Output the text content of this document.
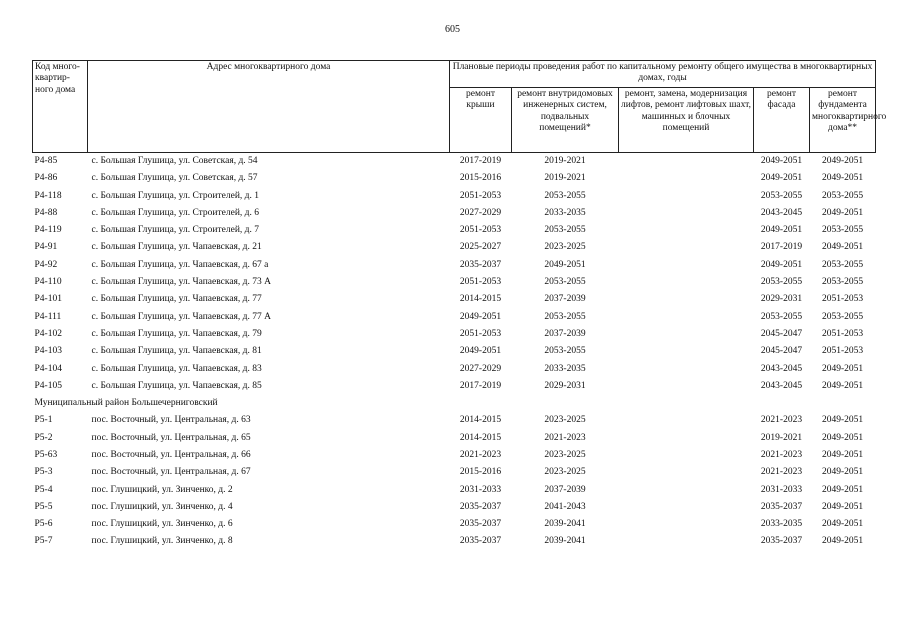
605
Код много-квартир-ного дома	Адрес многоквартирного дома	Плановые периоды проведения работ по капитальному ремонту общего имущества в многоквартирных домах, годы				
		ремонт крыши	ремонт внутридомовых инженерных систем, подвальных помещений*	ремонт, замена, модернизация лифтов, ремонт лифтовых шахт, машинных и блочных помещений	ремонт фасада	ремонт фундамента многоквартирного дома**
Р4-85	с. Большая Глушица, ул. Советская, д. 54	2017-2019	2019-2021		2049-2051	2049-2051
Р4-86	с. Большая Глушица, ул. Советская, д. 57	2015-2016	2019-2021		2049-2051	2049-2051
Р4-118	с. Большая Глушица, ул. Строителей, д. 1	2051-2053	2053-2055		2053-2055	2053-2055
Р4-88	с. Большая Глушица, ул. Строителей, д. 6	2027-2029	2033-2035		2043-2045	2049-2051
Р4-119	с. Большая Глушица, ул. Строителей, д. 7	2051-2053	2053-2055		2049-2051	2053-2055
Р4-91	с. Большая Глушица, ул. Чапаевская, д. 21	2025-2027	2023-2025		2017-2019	2049-2051
Р4-92	с. Большая Глушица, ул. Чапаевская, д. 67 а	2035-2037	2049-2051		2049-2051	2053-2055
Р4-110	с. Большая Глушица, ул. Чапаевская, д. 73 А	2051-2053	2053-2055		2053-2055	2053-2055
Р4-101	с. Большая Глушица, ул. Чапаевская, д. 77	2014-2015	2037-2039		2029-2031	2051-2053
Р4-111	с. Большая Глушица, ул. Чапаевская, д. 77 А	2049-2051	2053-2055		2053-2055	2053-2055
Р4-102	с. Большая Глушица, ул. Чапаевская, д. 79	2051-2053	2037-2039		2045-2047	2051-2053
Р4-103	с. Большая Глушица, ул. Чапаевская, д. 81	2049-2051	2053-2055		2045-2047	2051-2053
Р4-104	с. Большая Глушица, ул. Чапаевская, д. 83	2027-2029	2033-2035		2043-2045	2049-2051
Р4-105	с. Большая Глушица, ул. Чапаевская, д. 85	2017-2019	2029-2031		2043-2045	2049-2051
Муниципальный район Большечерниговский						
Р5-1	пос. Восточный, ул. Центральная, д. 63	2014-2015	2023-2025		2021-2023	2049-2051
Р5-2	пос. Восточный, ул. Центральная, д. 65	2014-2015	2021-2023		2019-2021	2049-2051
Р5-63	пос. Восточный, ул. Центральная, д. 66	2021-2023	2023-2025		2021-2023	2049-2051
Р5-3	пос. Восточный, ул. Центральная, д. 67	2015-2016	2023-2025		2021-2023	2049-2051
Р5-4	пос. Глушицкий, ул. Зинченко, д. 2	2031-2033	2037-2039		2031-2033	2049-2051
Р5-5	пос. Глушицкий, ул. Зинченко, д. 4	2035-2037	2041-2043		2035-2037	2049-2051
Р5-6	пос. Глушицкий, ул. Зинченко, д. 6	2035-2037	2039-2041		2033-2035	2049-2051
Р5-7	пос. Глушицкий, ул. Зинченко, д. 8	2035-2037	2039-2041		2035-2037	2049-2051
